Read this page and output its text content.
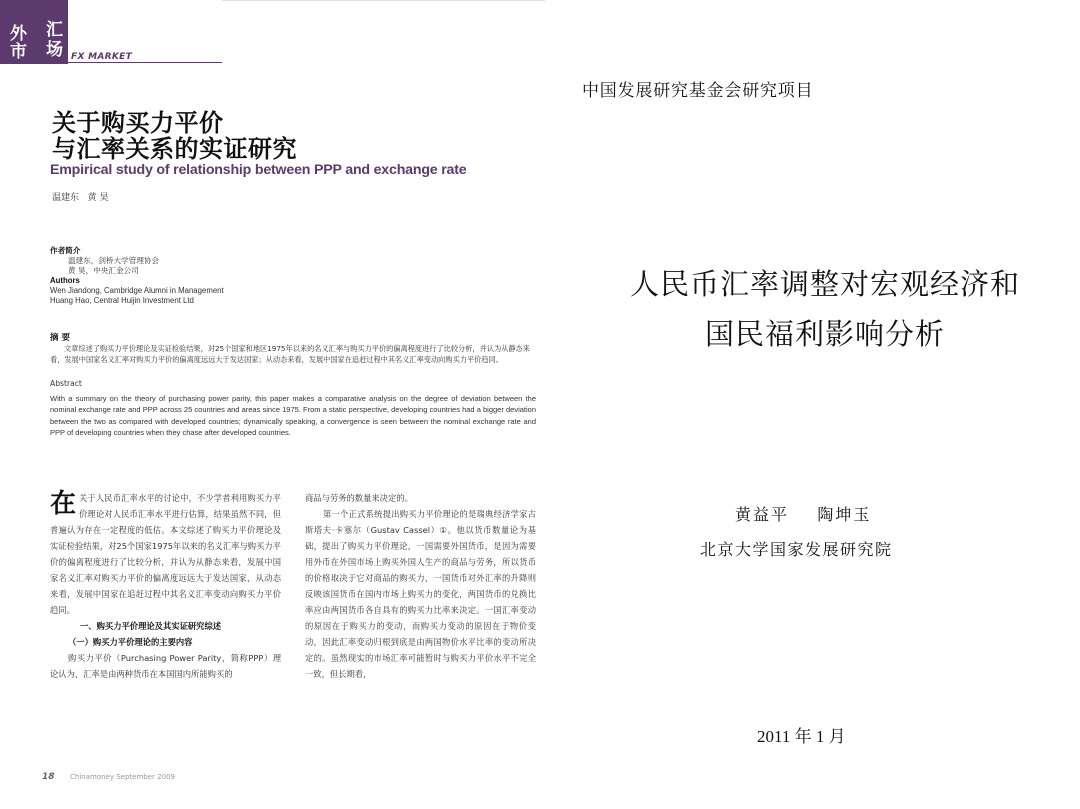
外 汇
市 场 FX MARKET
关于购买力平价
与汇率关系的实证研究
Empirical study of relationship between PPP and exchange rate
温建东   黄 昊
作者简介
温建东，剑桥大学管理协会
黄 昊，中央汇金公司
Authors
Wen Jiandong, Cambridge Alumni in Management
Huang Hao, Central Huijin Investment Ltd
摘 要
文章综述了购买力平价理论及实证检验结果，对25个国家和地区1975年以来的名义汇率与购买力平价的偏离程度进行了比较分析，并认为从静态来看，发展中国家名义汇率对购买力平价的偏离度远远大于发达国家；从动态来看，发展中国家在追赶过程中其名义汇率变动向购买力平价趋同。
Abstract
With a summary on the theory of purchasing power parity, this paper makes a comparative analysis on the degree of deviation between the nominal exchange rate and PPP across 25 countries and areas since 1975. From a static perspective, developing countries had a bigger deviation between the two as compared with developed countries; dynamically speaking, a convergence is seen between the nominal exchange rate and PPP of developing countries when they chase after developed countries.
在关于人民币汇率水平的讨论中，不少学者利用购买力平价理论对人民币汇率水平进行估算，结果虽然不同，但普遍认为存在一定程度的低估。本文综述了购买力平价理论及实证检验结果，对25个国家1975年以来的名义汇率与购买力平价的偏离程度进行了比较分析，并认为从静态来看，发展中国家名义汇率对购买力平价的偏离度远远大于发达国家，从动态来看，发展中国家在追赶过程中其名义汇率变动向购买力平价趋同。
一、购买力平价理论及其实证研究综述
（一）购买力平价理论的主要内容
购买力平价（Purchasing Power Parity，简称PPP）理论认为，汇率是由两种货币在本国国内所能购买的
商品与劳务的数量来决定的。
第一个正式系统提出购买力平价理论的是瑞典经济学家古斯塔夫·卡塞尔（Gustav Cassel）①。他以货币数量论为基础，提出了购买力平价理论，一国需要外国货币，是因为需要用外币在外国市场上购买外国人生产的商品与劳务，所以货币的价格取决于它对商品的购买力，一国货币对外汇率的升降则反映该国货币在国内市场上购买力的变化，两国货币的兑换比率应由两国货币各自具有的购买力比率来决定。一国汇率变动的原因在于购买力的变动，而购买力变动的原因在于物价变动，因此汇率变动归根到底是由两国物价水平比率的变动所决定的。虽然现实的市场汇率可能暂时与购买力平价水平不完全一致，但长期看，
18 Chinamoney September 2009
中国发展研究基金会研究项目
人民币汇率调整对宏观经济和
国民福利影响分析
黄益平    陶坤玉
北京大学国家发展研究院
2011 年 1 月
